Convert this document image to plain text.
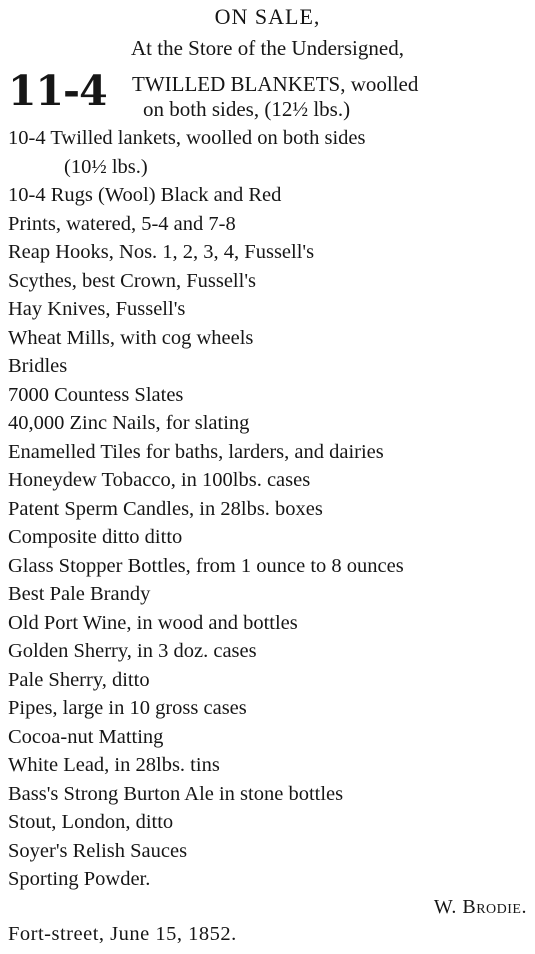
ON SALE,
At the Store of the Undersigned,
11-4 TWILLED BLANKETS, woolled
on both sides, (12½ lbs.)
10-4 Twilled lankets, woolled on both sides
(10½ lbs.)
10-4 Rugs (Wool) Black and Red
Prints, watered, 5-4 and 7-8
Reap Hooks, Nos. 1, 2, 3, 4, Fussell's
Scythes, best Crown, Fussell's
Hay Knives, Fussell's
Wheat Mills, with cog wheels
Bridles
7000 Countess Slates
40,000 Zinc Nails, for slating
Enamelled Tiles for baths, larders, and dairies
Honeydew Tobacco, in 100lbs. cases
Patent Sperm Candles, in 28lbs. boxes
Composite ditto ditto
Glass Stopper Bottles, from 1 ounce to 8 ounces
Best Pale Brandy
Old Port Wine, in wood and bottles
Golden Sherry, in 3 doz. cases
Pale Sherry, ditto
Pipes, large in 10 gross cases
Cocoa-nut Matting
White Lead, in 28lbs. tins
Bass's Strong Burton Ale in stone bottles
Stout, London, ditto
Soyer's Relish Sauces
Sporting Powder.
W. Brodie.
Fort-street, June 15, 1852.
